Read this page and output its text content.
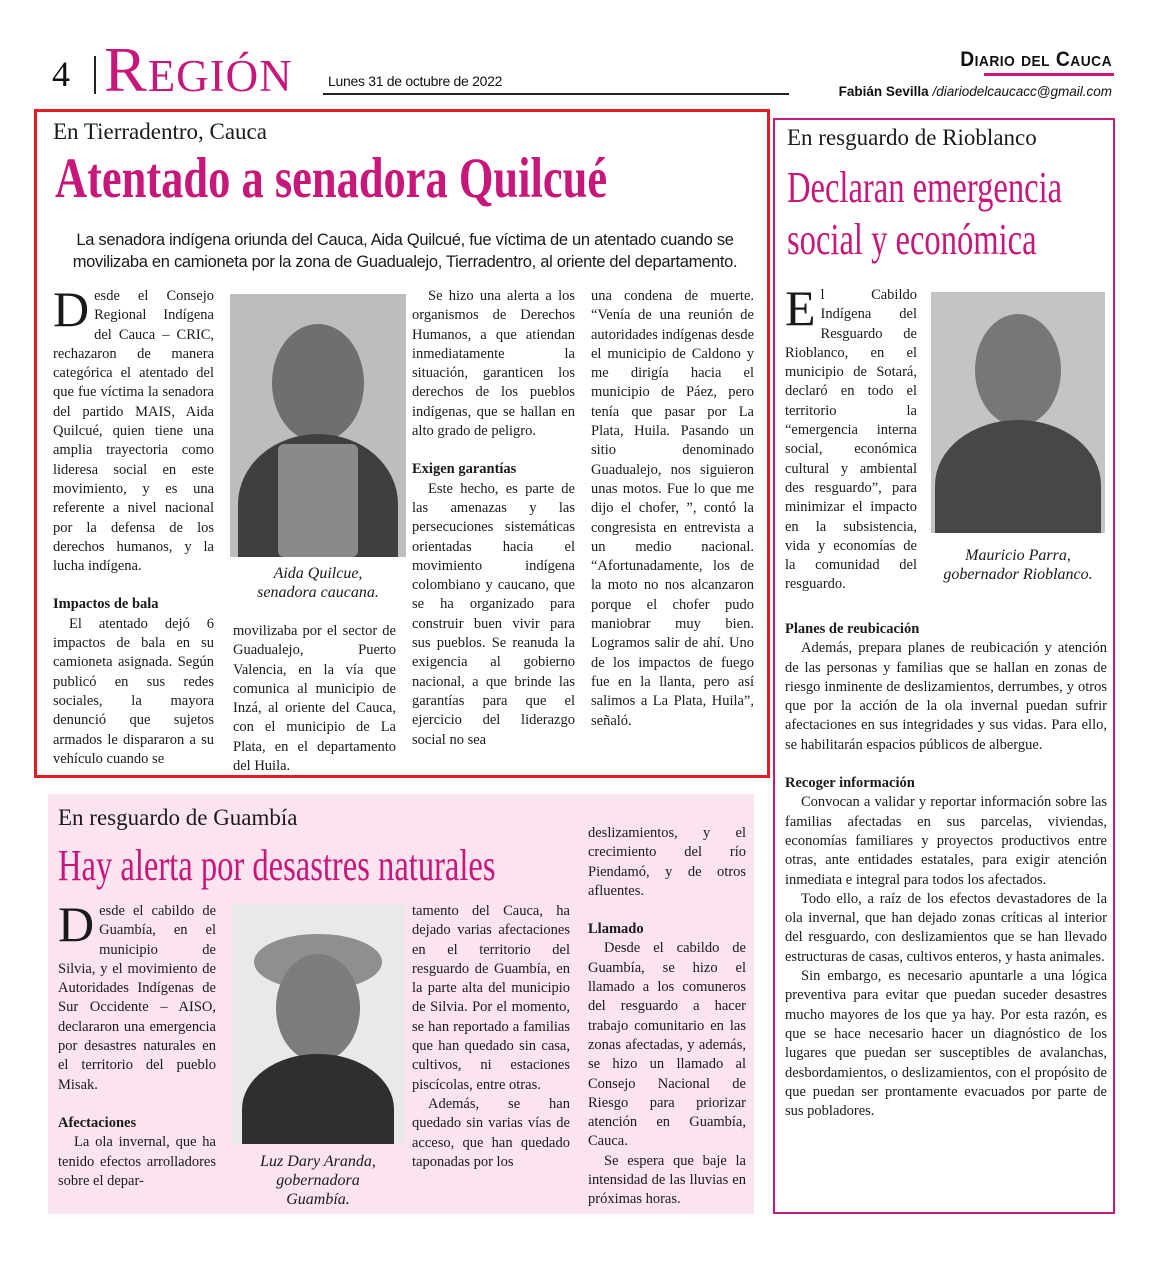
4 Región	Lunes 31 de octubre de 2022
Diario del Cauca
Fabián Sevilla /diariodelcaucacc@gmail.com
En Tierradentro, Cauca
Atentado a senadora Quilcué
La senadora indígena oriunda del Cauca, Aida Quilcué, fue víctima de un atentado cuando se movilizaba en camioneta por la zona de Guadualejo, Tierradentro, al oriente del departamento.

Desde el Consejo Regional Indígena del Cauca – CRIC, rechazaron de manera categórica el atentado del que fue víctima la senadora del partido MAIS, Aida Quilcué, quien tiene una amplia trayectoria como lideresa social en este movimiento, y es una referente a nivel nacional por la defensa de los derechos humanos, y la lucha indígena.

Impactos de bala

El atentado dejó 6 impactos de bala en su camioneta asignada. Según publicó en sus redes sociales, la mayora denunció que sujetos armados le dispararon a su vehículo cuando se

Aida Quilcue,
senadora caucana.

movilizaba por el sector de Guadualejo, Puerto Valencia, en la vía que comunica al municipio de Inzá, al oriente del Cauca, con el municipio de La Plata, en el departamento del Huila.

Se hizo una alerta a los organismos de Derechos Humanos, a que atiendan inmediatamente la situación, garanticen los derechos de los pueblos indígenas, que se hallan en alto grado de peligro.

Exigen garantías

Este hecho, es parte de las amenazas y las persecuciones sistemáticas orientadas hacia el movimiento indígena colombiano y caucano, que se ha organizado para construir buen vivir para sus pueblos. Se reanuda la exigencia al gobierno nacional, a que brinde las garantías para que el ejercicio del liderazgo social no sea

una condena de muerte. “Venía de una reunión de autoridades indígenas desde el municipio de Caldono y me dirigía hacia el municipio de Páez, pero tenía que pasar por La Plata, Huila. Pasando un sitio denominado Guadualejo, nos siguieron unas motos. Fue lo que me dijo el chofer, ”, contó la congresista en entrevista a un medio nacional. “Afortunadamente, los de la moto no nos alcanzaron porque el chofer pudo maniobrar muy bien. Logramos salir de ahí. Uno de los impactos de fuego fue en la llanta, pero así salimos a La Plata, Huila”, señaló.

En resguardo de Rioblanco
Declaran emergencia social y económica

El Cabildo Indígena del Resguardo de Rioblanco, en el municipio de Sotará, declaró en todo el territorio la “emergencia interna social, económica cultural y ambiental des resguardo”, para minimizar el impacto en la subsistencia, vida y economías de la comunidad del resguardo.

Mauricio Parra,
gobernador Rioblanco.
Planes de reubicación

Además, prepara planes de reubicación y atención de las personas y familias que se hallan en zonas de riesgo inminente de deslizamientos, derrumbes, y otros que por la acción de la ola invernal puedan sufrir afectaciones en sus integridades y sus vidas. Para ello, se habilitarán espacios públicos de albergue.

Recoger información

Convocan a validar y reportar información sobre las familias afectadas en sus parcelas, viviendas, economías familiares y proyectos productivos entre otras, ante entidades estatales, para exigir atención inmediata e integral para todos los afectados.

Todo ello, a raíz de los efectos devastadores de la ola invernal, que han dejado zonas críticas al interior del resguardo, con deslizamientos que se han llevado estructuras de casas, cultivos enteros, y hasta animales.

Sin embargo, es necesario apuntarle a una lógica preventiva para evitar que puedan suceder desastres mucho mayores de los que ya hay. Por esta razón, es que se hace necesario hacer un diagnóstico de los lugares que puedan ser susceptibles de avalanchas, desbordamientos, o deslizamientos, con el propósito de que puedan ser prontamente evacuados por parte de sus pobladores.

En resguardo de Guambía
Hay alerta por desastres naturales

Desde el cabildo de Guambía, en el municipio de Silvia, y el movimiento de Autoridades Indígenas de Sur Occidente – AISO, declararon una emergencia por desastres naturales en el territorio del pueblo Misak.

Afectaciones

La ola invernal, que ha tenido efectos arrolladores sobre el depar-

Luz Dary Aranda,
gobernadora
Guambía.

tamento del Cauca, ha dejado varias afectaciones en el territorio del resguardo de Guambía, en la parte alta del municipio de Silvia. Por el momento, se han reportado a familias que han quedado sin casa, cultivos, ni estaciones piscícolas, entre otras.

Además, se han quedado sin varias vías de acceso, que han quedado taponadas por los

deslizamientos, y el crecimiento del río Piendamó, y de otros afluentes.

Llamado

Desde el cabildo de Guambía, se hizo el llamado a los comuneros del resguardo a hacer trabajo comunitario en las zonas afectadas, y además, se hizo un llamado al Consejo Nacional de Riesgo para priorizar atención en Guambía, Cauca.

Se espera que baje la intensidad de las lluvias en próximas horas.
